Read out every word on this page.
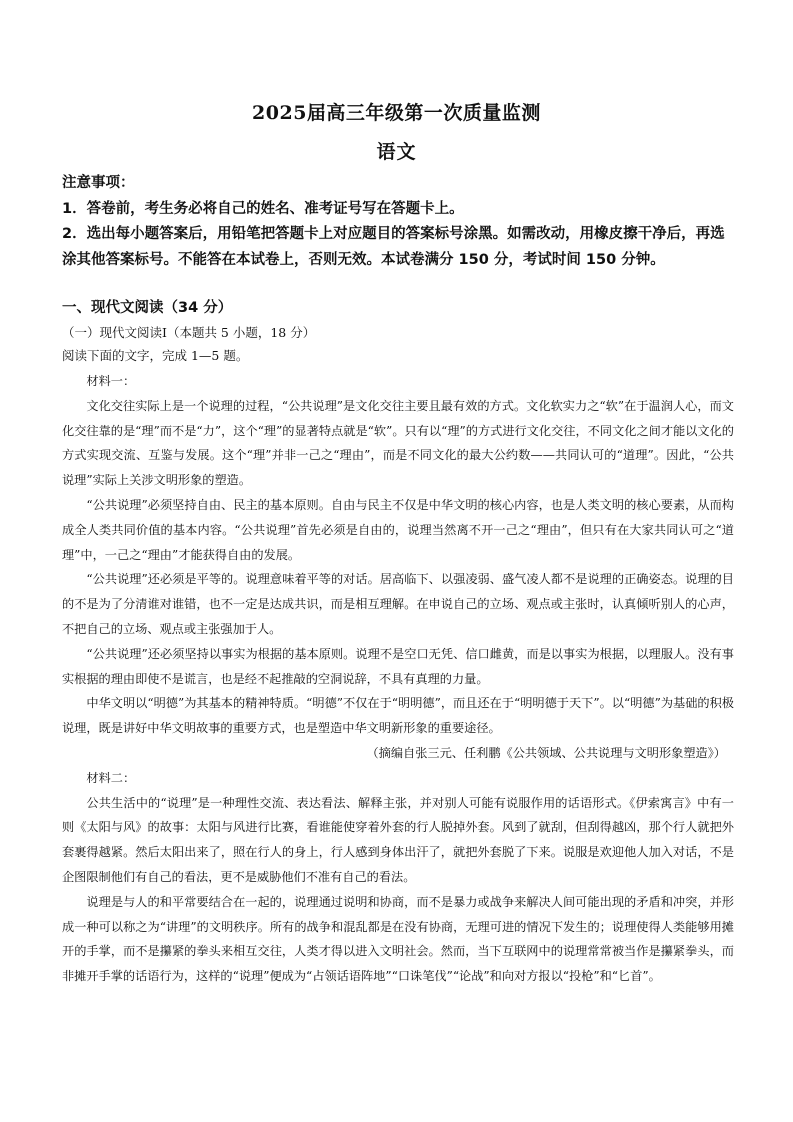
2025届高三年级第一次质量监测
语文

注意事项：

1．答卷前，考生务必将自己的姓名、准考证号写在答题卡上。

2．选出每小题答案后，用铅笔把答题卡上对应题目的答案标号涂黑。如需改动，用橡皮擦干净后，再选涂其他答案标号。不能答在本试卷上，否则无效。本试卷满分 150 分，考试时间 150 分钟。

一、现代文阅读（34 分）
（一）现代文阅读Ⅰ（本题共 5 小题，18 分）
阅读下面的文字，完成 1—5 题。

材料一：

文化交往实际上是一个说理的过程，“公共说理”是文化交往主要且最有效的方式。文化软实力之“软”在于温润人心，而文化交往靠的是“理”而不是“力”，这个“理”的显著特点就是“软”。只有以“理”的方式进行文化交往，不同文化之间才能以文化的方式实现交流、互鉴与发展。这个“理”并非一己之“理由”，而是不同文化的最大公约数——共同认可的“道理”。因此，“公共说理”实际上关涉文明形象的塑造。

“公共说理”必须坚持自由、民主的基本原则。自由与民主不仅是中华文明的核心内容，也是人类文明的核心要素，从而构成全人类共同价值的基本内容。“公共说理”首先必须是自由的，说理当然离不开一己之“理由”，但只有在大家共同认可之“道理”中，一己之“理由”才能获得自由的发展。

“公共说理”还必须是平等的。说理意味着平等的对话。居高临下、以强凌弱、盛气凌人都不是说理的正确姿态。说理的目的不是为了分清谁对谁错，也不一定是达成共识，而是相互理解。在申说自己的立场、观点或主张时，认真倾听别人的心声，不把自己的立场、观点或主张强加于人。

“公共说理”还必须坚持以事实为根据的基本原则。说理不是空口无凭、信口雌黄，而是以事实为根据，以理服人。没有事实根据的理由即使不是谎言，也是经不起推敲的空洞说辞，不具有真理的力量。

中华文明以“明德”为其基本的精神特质。“明德”不仅在于“明明德”，而且还在于“明明德于天下”。以“明德”为基础的积极说理，既是讲好中华文明故事的重要方式，也是塑造中华文明新形象的重要途径。

（摘编自张三元、任利鹏《公共领域、公共说理与文明形象塑造》）

材料二：

公共生活中的“说理”是一种理性交流、表达看法、解释主张，并对别人可能有说服作用的话语形式。《伊索寓言》中有一则《太阳与风》的故事：太阳与风进行比赛，看谁能使穿着外套的行人脱掉外套。风到了就刮，但刮得越凶，那个行人就把外套裹得越紧。然后太阳出来了，照在行人的身上，行人感到身体出汗了，就把外套脱了下来。说服是欢迎他人加入对话，不是企图限制他们有自己的看法，更不是威胁他们不准有自己的看法。

说理是与人的和平常要结合在一起的，说理通过说明和协商，而不是暴力或战争来解决人间可能出现的矛盾和冲突，并形成一种可以称之为“讲理”的文明秩序。所有的战争和混乱都是在没有协商，无理可进的情况下发生的；说理使得人类能够用摊开的手掌，而不是攥紧的拳头来相互交往，人类才得以进入文明社会。然而，当下互联网中的说理常常被当作是攥紧拳头，而非摊开手掌的话语行为，这样的“说理”便成为“占领话语阵地”“口诛笔伐”“论战”和向对方报以“投枪”和“匕首”。
